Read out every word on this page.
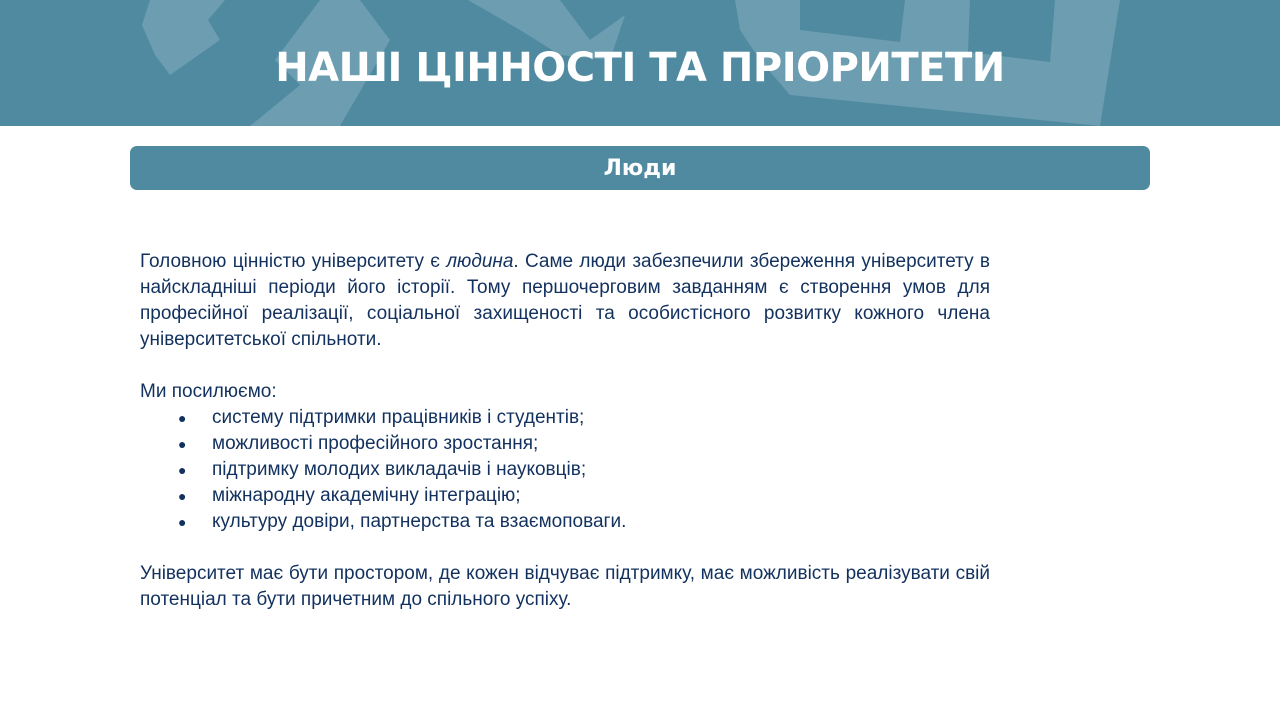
НАШІ ЦІННОСТІ ТА ПРІОРИТЕТИ
Люди

Головною цінністю університету є людина. Саме люди забезпечили збереження університету в найскладніші періоди його історії. Тому першочерговим завданням є створення умов для професійної реалізації, соціальної захищеності та особистісного розвитку кожного члена університетської спільноти.

Ми посилюємо:

● систему підтримки працівників і студентів;
● можливості професійного зростання;
● підтримку молодих викладачів і науковців;
● міжнародну академічну інтеграцію;
● культуру довіри, партнерства та взаємоповаги.

Університет має бути простором, де кожен відчуває підтримку, має можливість реалізувати свій потенціал та бути причетним до спільного успіху.
